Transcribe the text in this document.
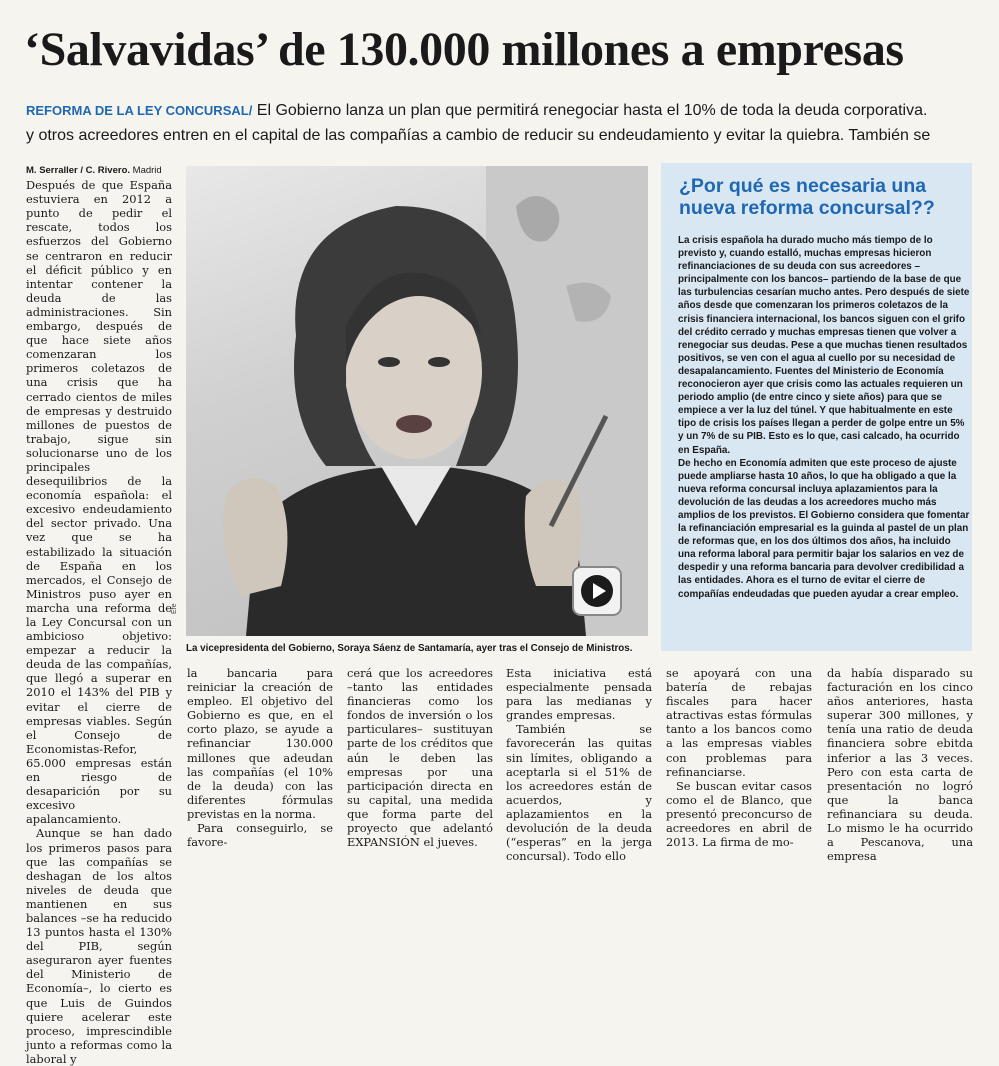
‘Salvavidas’ de 130.000 millones a empresas
REFORMA DE LA LEY CONCURSAL/ El Gobierno lanza un plan que permitirá renegociar hasta el 10% de toda la deuda corporativa.
y otros acreedores entren en el capital de las compañías a cambio de reducir su endeudamiento y evitar la quiebra. También se

M. Serraller / C. Rivero. Madrid

Después de que España estuviera en 2012 a punto de pedir el rescate, todos los esfuerzos del Gobierno se centraron en reducir el déficit público y en intentar contener la deuda de las administraciones. Sin embargo, después de que hace siete años comenzaran los primeros coletazos de una crisis que ha cerrado cientos de miles de empresas y destruido millones de puestos de trabajo, sigue sin solucionarse uno de los principales desequilibrios de la economía española: el excesivo endeudamiento del sector privado. Una vez que se ha estabilizado la situación de España en los mercados, el Consejo de Ministros puso ayer en marcha una reforma de la Ley Concursal con un ambicioso objetivo: empezar a reducir la deuda de las compañías, que llegó a superar en 2010 el 143% del PIB y evitar el cierre de empresas viables. Según el Consejo de Economistas-Refor, 65.000 empresas están en riesgo de desaparición por su excesivo apalancamiento.

Aunque se han dado los primeros pasos para que las compañías se deshagan de los altos niveles de deuda que mantienen en sus balances –se ha reducido 13 puntos hasta el 130% del PIB, según aseguraron ayer fuentes del Ministerio de Economía–, lo cierto es que Luis de Guindos quiere acelerar este proceso, imprescindible junto a reformas como la laboral y

Efe
La vicepresidenta del Gobierno, Soraya Sáenz de Santamaría, ayer tras el Consejo de Ministros.

la bancaria para reiniciar la creación de empleo. El objetivo del Gobierno es que, en el corto plazo, se ayude a refinanciar 130.000 millones que adeudan las compañías (el 10% de la deuda) con las diferentes fórmulas previstas en la norma.

Para conseguirlo, se favore-

cerá que los acreedores –tanto las entidades financieras como los fondos de inversión o los particulares– sustituyan parte de los créditos que aún le deben las empresas por una participación directa en su capital, una medida que forma parte del proyecto que adelantó EXPANSIÓN el jueves.

Esta iniciativa está especialmente pensada para las medianas y grandes empresas.

También se favorecerán las quitas sin límites, obligando a aceptarla si el 51% de los acreedores están de acuerdos, y aplazamientos en la devolución de la deuda (“esperas” en la jerga concursal). Todo ello

se apoyará con una batería de rebajas fiscales para hacer atractivas estas fórmulas tanto a los bancos como a las empresas viables con problemas para refinanciarse.

Se buscan evitar casos como el de Blanco, que presentó preconcurso de acreedores en abril de 2013. La firma de mo-

da había disparado su facturación en los cinco años anteriores, hasta superar 300 millones, y tenía una ratio de deuda financiera sobre ebitda inferior a las 3 veces. Pero con esta carta de presentación no logró que la banca refinanciara su deuda. Lo mismo le ha ocurrido a Pescanova, una empresa

¿Por qué es necesaria una nueva reforma concursal??

La crisis española ha durado mucho más tiempo de lo previsto y, cuando estalló, muchas empresas hicieron refinanciaciones de su deuda con sus acreedores –principalmente con los bancos– partiendo de la base de que las turbulencias cesarían mucho antes. Pero después de siete años desde que comenzaran los primeros coletazos de la crisis financiera internacional, los bancos siguen con el grifo del crédito cerrado y muchas empresas tienen que volver a renegociar sus deudas. Pese a que muchas tienen resultados positivos, se ven con el agua al cuello por su necesidad de desapalancamiento. Fuentes del Ministerio de Economía reconocieron ayer que crisis como las actuales requieren un periodo amplio (de entre cinco y siete años) para que se empiece a ver la luz del túnel. Y que habitualmente en este tipo de crisis los países llegan a perder de golpe entre un 5% y un 7% de su PIB. Esto es lo que, casi calcado, ha ocurrido en España.

De hecho en Economía admiten que este proceso de ajuste puede ampliarse hasta 10 años, lo que ha obligado a que la nueva reforma concursal incluya aplazamientos para la devolución de las deudas a los acreedores mucho más amplios de los previstos. El Gobierno considera que fomentar la refinanciación empresarial es la guinda al pastel de un plan de reformas que, en los dos últimos dos años, ha incluido una reforma laboral para permitir bajar los salarios en vez de despedir y una reforma bancaria para devolver credibilidad a las entidades. Ahora es el turno de evitar el cierre de compañías endeudadas que pueden ayudar a crear empleo.
